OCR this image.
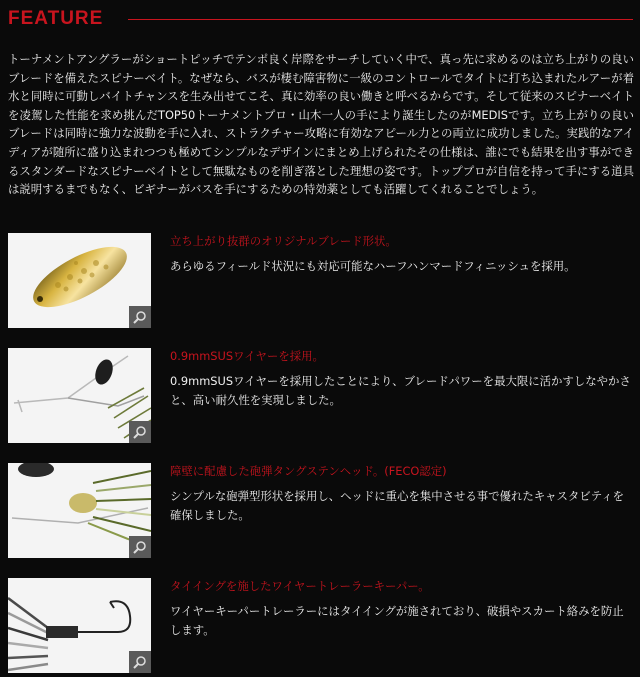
FEATURE
トーナメントアングラーがショートピッチでテンポ良く岸際をサーチしていく中で、真っ先に求めるのは立ち上がりの良いブレードを備えたスピナーベイト。なぜなら、バスが棲む障害物に一級のコントロールでタイトに打ち込まれたルアーが着水と同時に可動しバイトチャンスを生み出せてこそ、真に効率の良い働きと呼べるからです。そして従来のスピナーベイトを凌駕した性能を求め挑んだTOP50トーナメントプロ・山木一人の手により誕生したのがMEDISです。立ち上がりの良いブレードは同時に強力な波動を手に入れ、ストラクチャー攻略に有効なアピール力との両立に成功しました。実践的なアイディアが随所に盛り込まれつつも極めてシンプルなデザインにまとめ上げられたその仕様は、誰にでも結果を出す事ができるスタンダードなスピナーベイトとして無駄なものを削ぎ落とした理想の姿です。トッププロが自信を持って手にする道具は説明するまでもなく、ビギナーがバスを手にするための特効薬としても活躍してくれることでしょう。
立ち上がり抜群のオリジナルブレード形状。
あらゆるフィールド状況にも対応可能なハーフハンマードフィニッシュを採用。
0.9mmSUSワイヤーを採用。
0.9mmSUSワイヤーを採用したことにより、ブレードパワーを最大限に活かすしなやかさと、高い耐久性を実現しました。
障壁に配慮した砲弾タングステンヘッド。(FECO認定)
シンプルな砲弾型形状を採用し、ヘッドに重心を集中させる事で優れたキャスタビティを確保しました。
タイイングを施したワイヤートレーラーキーパー。
ワイヤーキーパートレーラーにはタイイングが施されており、破損やスカート絡みを防止します。
